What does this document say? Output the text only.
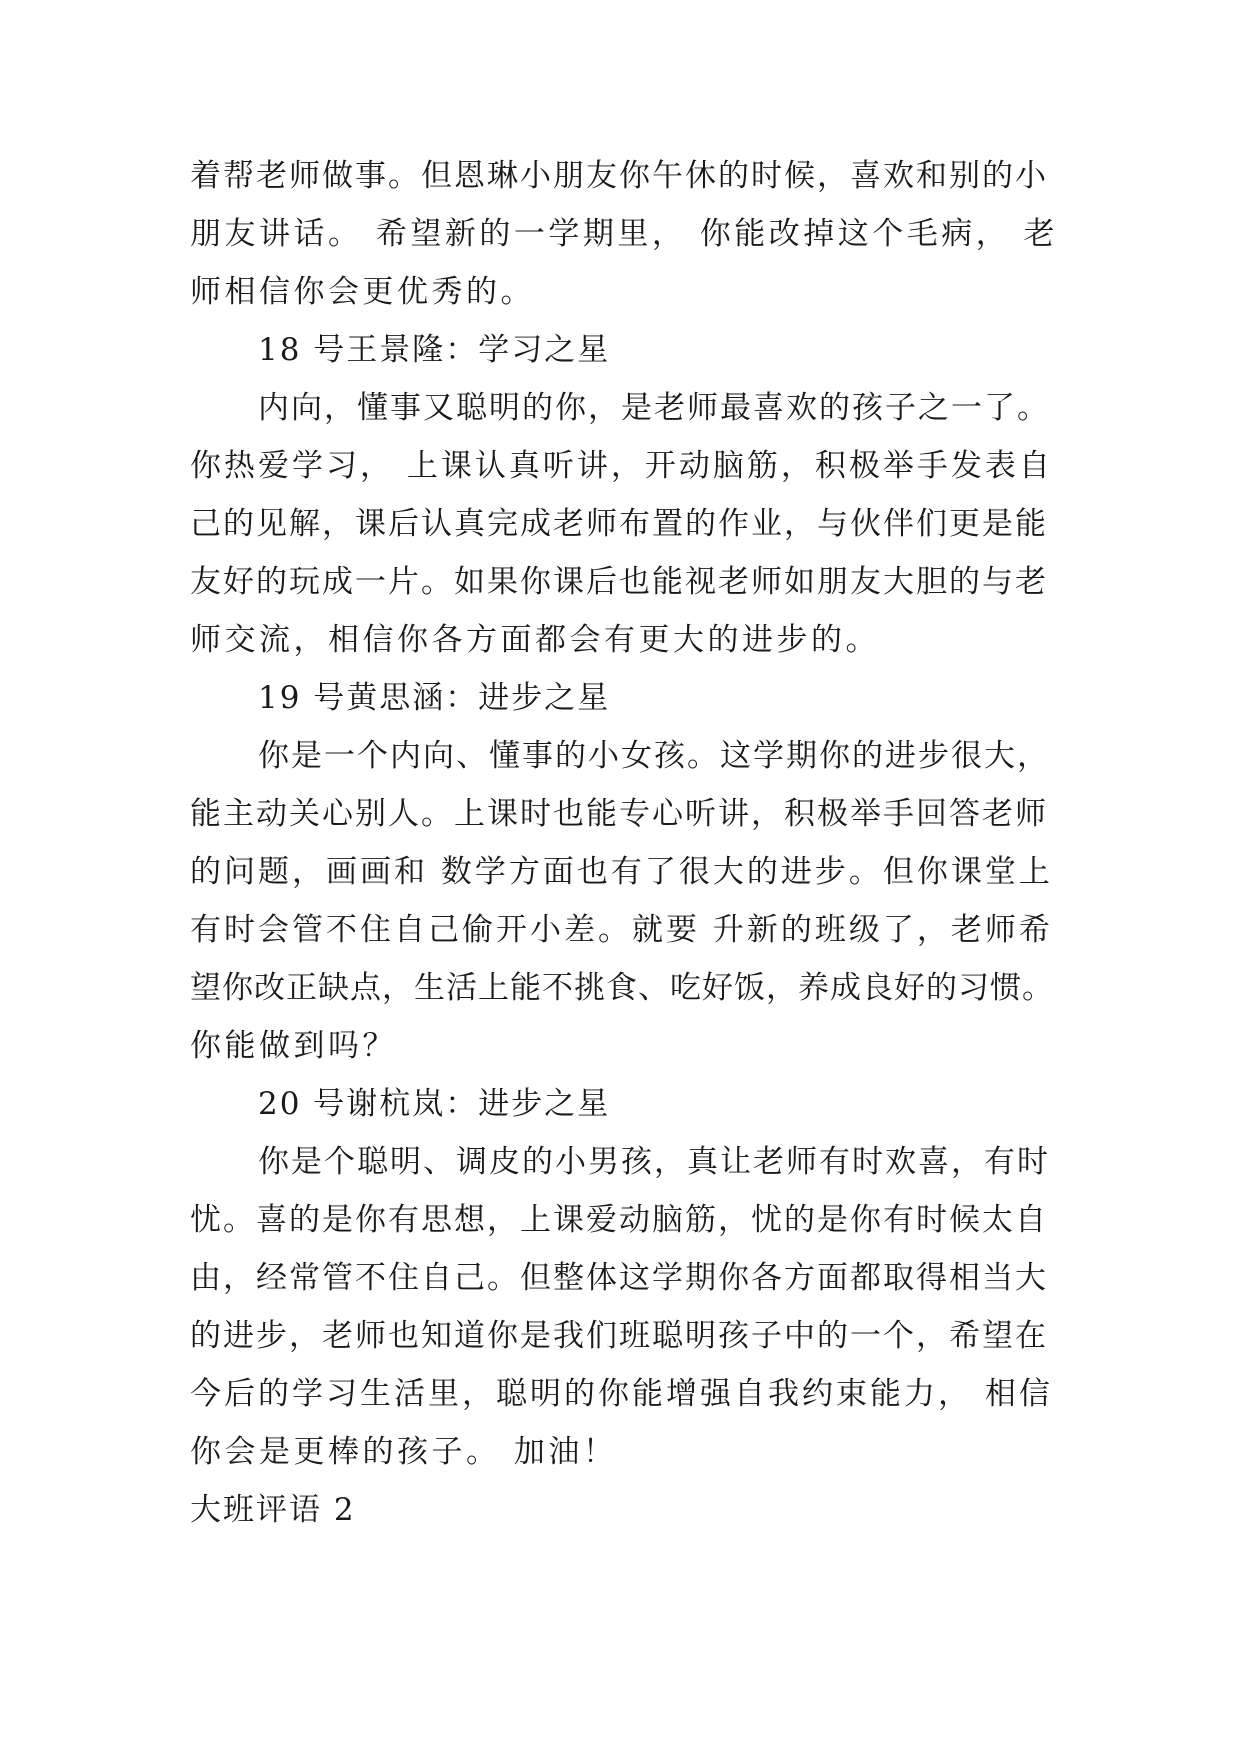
着帮老师做事。但恩琳小朋友你午休的时候，喜欢和别的小
朋友讲话。 希望新的一学期里， 你能改掉这个毛病， 老
师相信你会更优秀的。
18 号王景隆：学习之星
内向，懂事又聪明的你，是老师最喜欢的孩子之一了。
你热爱学习， 上课认真听讲，开动脑筋，积极举手发表自
己的见解，课后认真完成老师布置的作业，与伙伴们更是能
友好的玩成一片。如果你课后也能视老师如朋友大胆的与老
师交流，相信你各方面都会有更大的进步的。
19 号黄思涵：进步之星
你是一个内向、懂事的小女孩。这学期你的进步很大，
能主动关心别人。上课时也能专心听讲，积极举手回答老师
的问题，画画和 数学方面也有了很大的进步。但你课堂上
有时会管不住自己偷开小差。就要 升新的班级了，老师希
望你改正缺点，生活上能不挑食、吃好饭，养成良好的习惯。
你能做到吗？
20 号谢杭岚：进步之星
你是个聪明、调皮的小男孩，真让老师有时欢喜，有时
忧。喜的是你有思想，上课爱动脑筋，忧的是你有时候太自
由，经常管不住自己。但整体这学期你各方面都取得相当大
的进步，老师也知道你是我们班聪明孩子中的一个，希望在
今后的学习生活里，聪明的你能增强自我约束能力， 相信
你会是更棒的孩子。 加油！
大班评语 2
